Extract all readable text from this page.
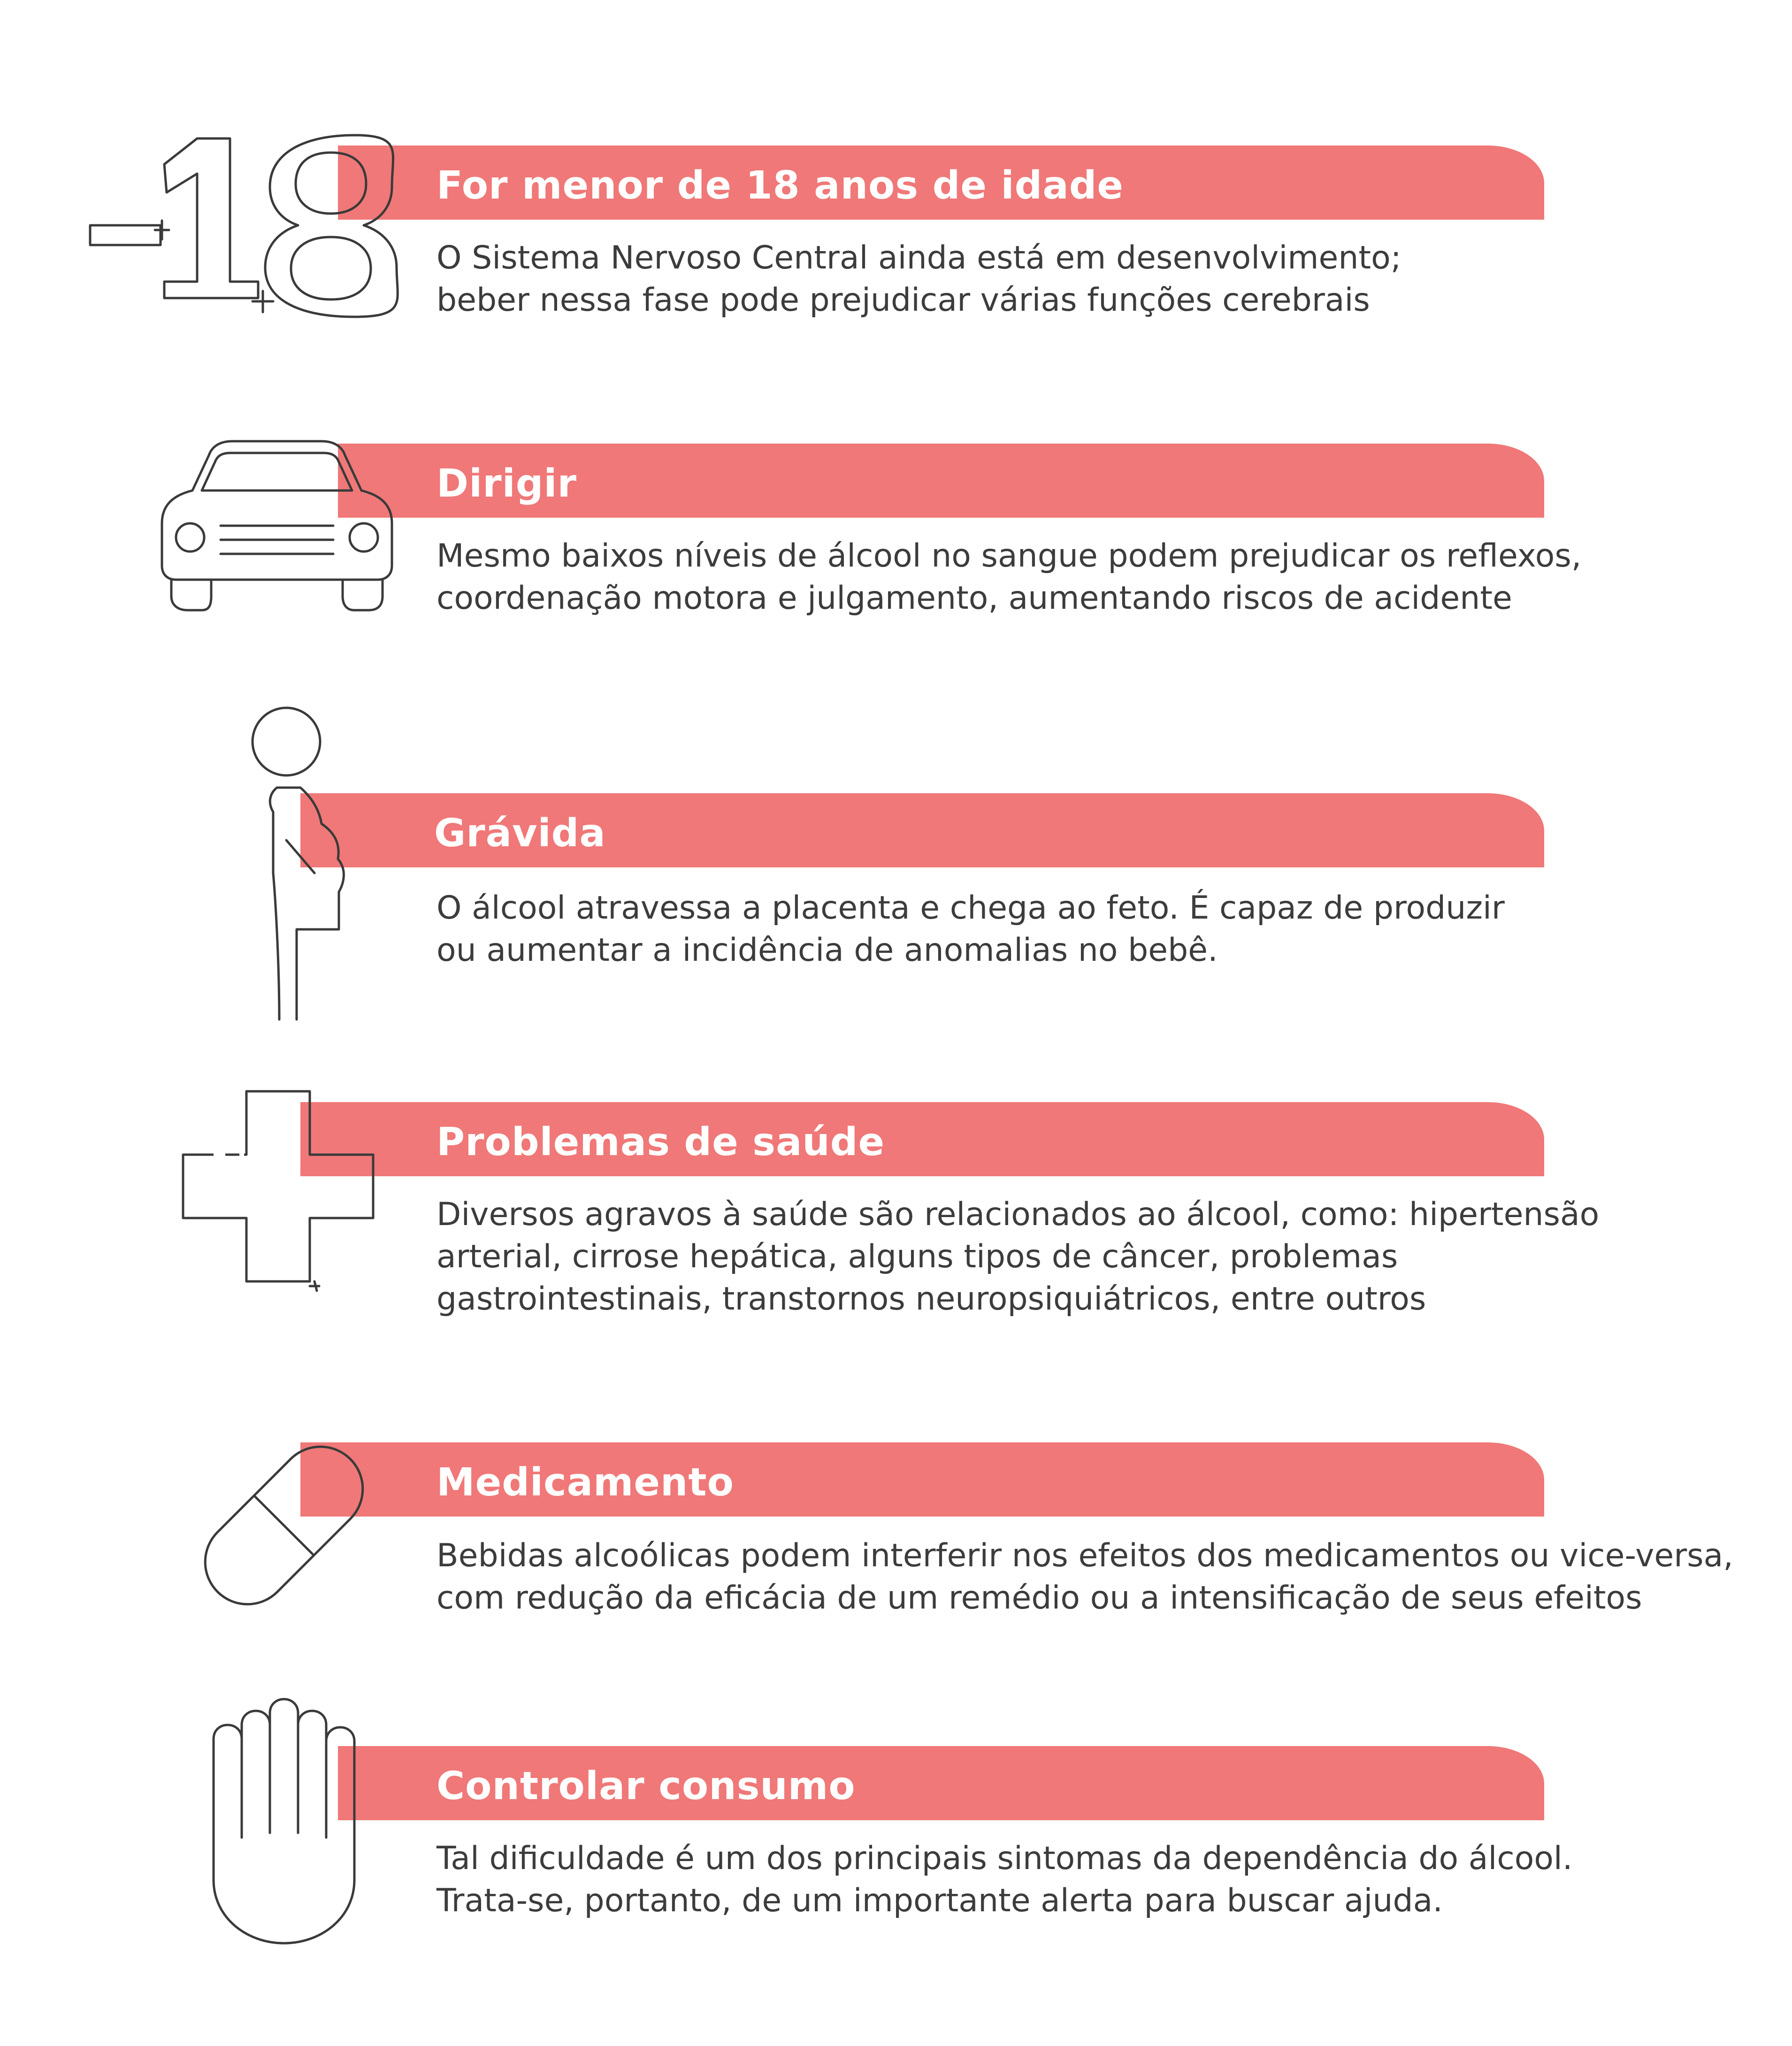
For menor de 18 anos de idade
O Sistema Nervoso Central ainda está em desenvolvimento;
beber nessa fase pode prejudicar várias funções cerebrais
Dirigir
Mesmo baixos níveis de álcool no sangue podem prejudicar os reflexos,
coordenação motora e julgamento, aumentando riscos de acidente
Grávida
O álcool atravessa a placenta e chega ao feto. É capaz de produzir
ou aumentar a incidência de anomalias no bebê.
Problemas de saúde
Diversos agravos à saúde são relacionados ao álcool, como: hipertensão
arterial, cirrose hepática, alguns tipos de câncer, problemas
gastrointestinais, transtornos neuropsiquiátricos, entre outros
Medicamento
Bebidas alcoólicas podem interferir nos efeitos dos medicamentos ou vice-versa,
com redução da eficácia de um remédio ou a intensificação de seus efeitos
Controlar consumo
Tal dificuldade é um dos principais sintomas da dependência do álcool.
Trata-se, portanto, de um importante alerta para buscar ajuda.
